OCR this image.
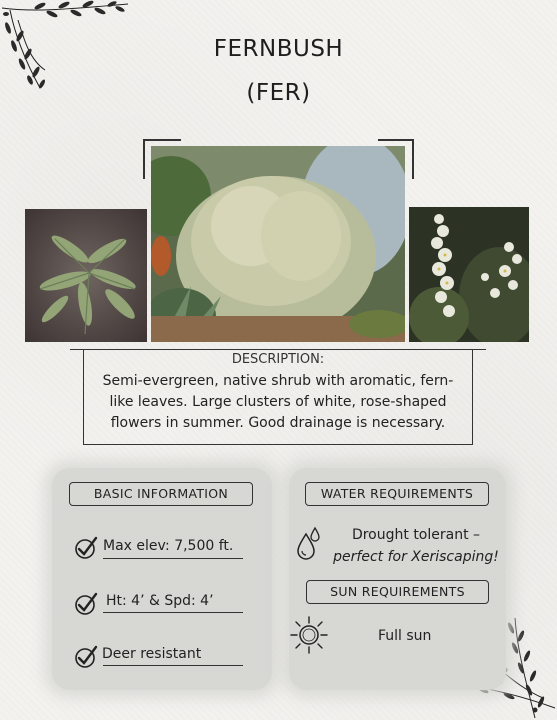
FERNBUSH
(FER)
DESCRIPTION:
Semi-evergreen, native shrub with aromatic, fern-like leaves. Large clusters of white, rose-shaped flowers in summer. Good drainage is necessary.
BASIC INFORMATION
Max elev: 7,500 ft.
Ht: 4’ & Spd: 4’
Deer resistant
WATER REQUIREMENTS
Drought tolerant –
perfect for Xeriscaping!
SUN REQUIREMENTS
Full sun
